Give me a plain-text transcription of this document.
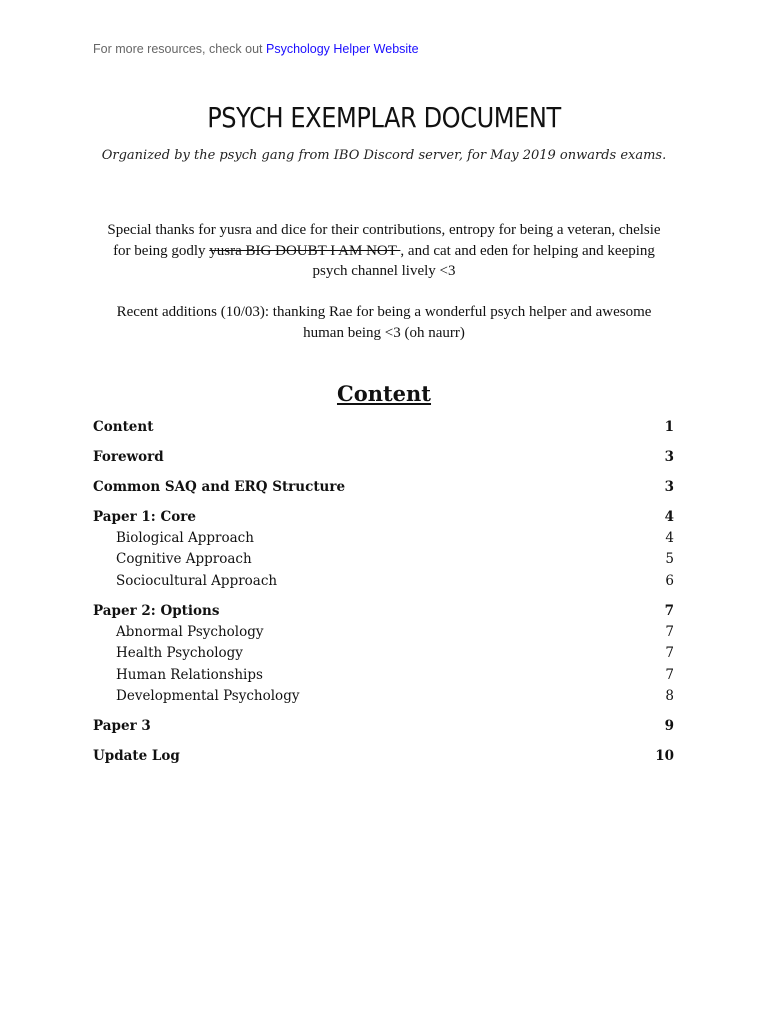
For more resources, check out Psychology Helper Website
PSYCH EXEMPLAR DOCUMENT
Organized by the psych gang from IBO Discord server, for May 2019 onwards exams.
Special thanks for yusra and dice for their contributions, entropy for being a veteran, chelsie for being godly yusra BIG DOUBT I AM NOT , and cat and eden for helping and keeping psych channel lively <3
Recent additions (10/03): thanking Rae for being a wonderful psych helper and awesome human being <3 (oh naurr)
Content
Content	1
Foreword	3
Common SAQ and ERQ Structure	3
Paper 1: Core	4
Biological Approach	4
Cognitive Approach	5
Sociocultural Approach	6
Paper 2: Options	7
Abnormal Psychology	7
Health Psychology	7
Human Relationships	7
Developmental Psychology	8
Paper 3	9
Update Log	10
